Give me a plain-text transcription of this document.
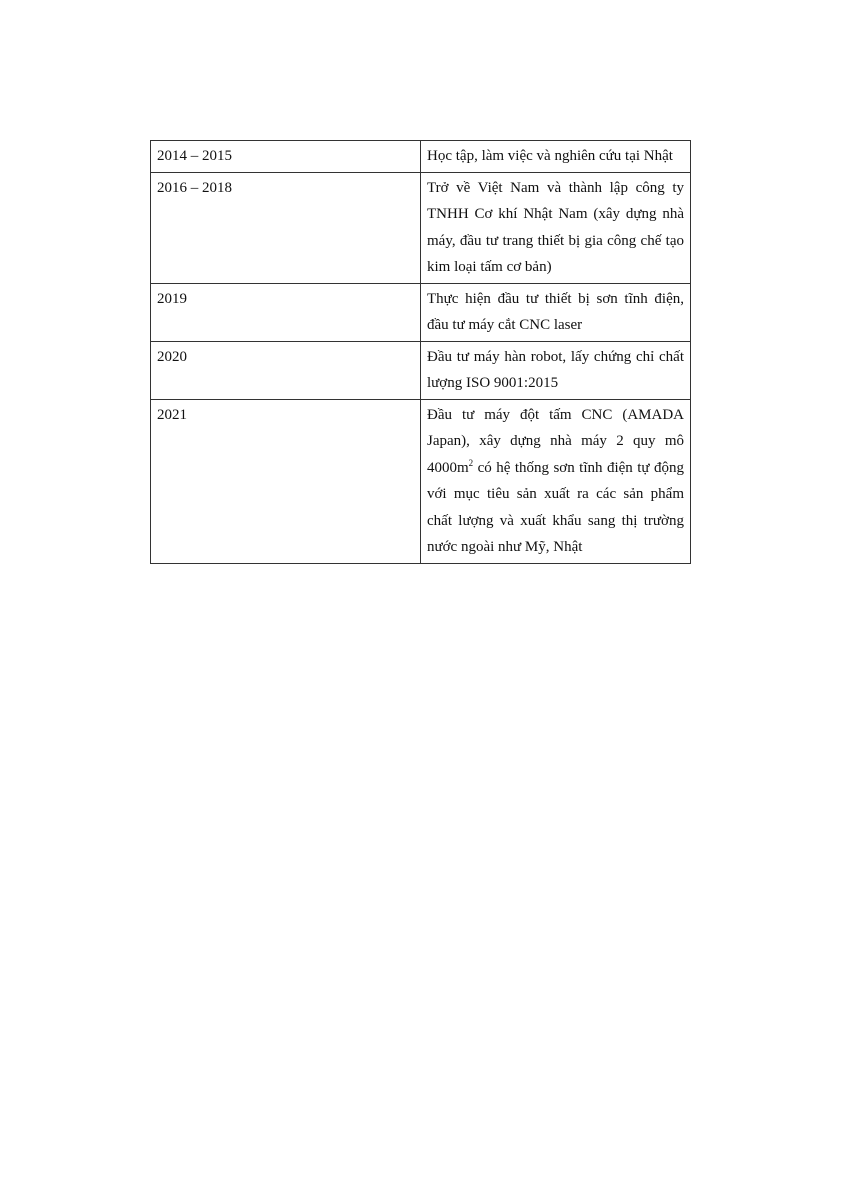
2014 – 2015	Học tập, làm việc và nghiên cứu tại Nhật
2016 – 2018	Trở về Việt Nam và thành lập công ty TNHH Cơ khí Nhật Nam (xây dựng nhà máy, đầu tư trang thiết bị gia công chế tạo kim loại tấm cơ bản)
2019	Thực hiện đầu tư thiết bị sơn tĩnh điện, đầu tư máy cắt CNC laser
2020	Đầu tư máy hàn robot, lấy chứng chỉ chất lượng ISO 9001:2015
2021	Đầu tư máy đột tấm CNC (AMADA Japan), xây dựng nhà máy 2 quy mô $4000m^2$ có hệ thống sơn tĩnh điện tự động với mục tiêu sản xuất ra các sản phẩm chất lượng và xuất khẩu sang thị trường nước ngoài như Mỹ, Nhật
